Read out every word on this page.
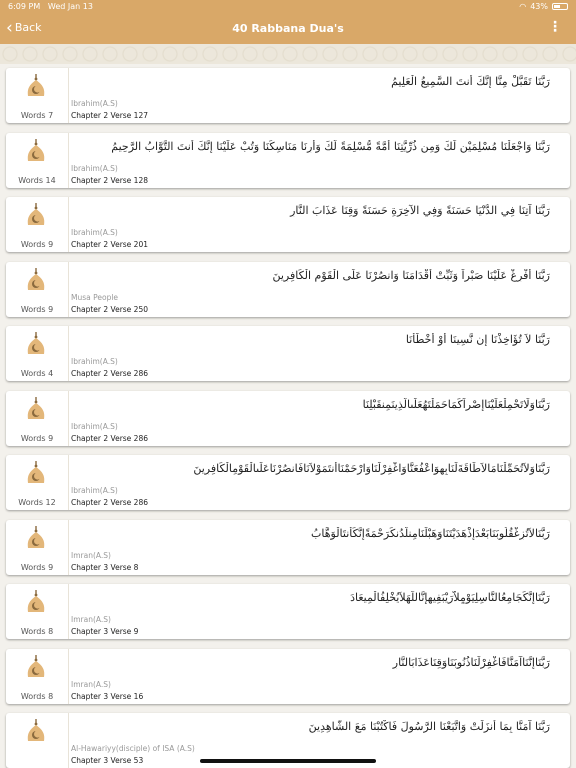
6:09 PM Wed Jan 13	◠ 43%
‹ Back	40 Rabbana Dua's	⋮
Words 7
رَبَّنَا تَقَبَّلْ مِنَّا إِنَّكَ أَنتَ السَّمِيعُ الْعَلِيمُ
Ibrahim(A.S)
Chapter 2 Verse 127
Words 14
رَبَّنَا وَاجْعَلْنَا مُسْلِمَيْنِ لَكَ وَمِن ذُرِّيَّتِنَا أُمَّةً مُّسْلِمَةً لَّكَ وَأَرِنَا مَنَاسِكَنَا وَتُبْ عَلَيْنَا إِنَّكَ أَنتَ التَّوَّابُ الرَّحِيمُ
Ibrahim(A.S)
Chapter 2 Verse 128
Words 9
رَبَّنَا آتِنَا فِي الدُّنْيَا حَسَنَةً وَفِي الآخِرَةِ حَسَنَةً وَقِنَا عَذَابَ النَّارِ
Ibrahim(A.S)
Chapter 2 Verse 201
Words 9
رَبَّنَا أَفْرِغْ عَلَيْنَا صَبْراً وَثَبِّتْ أَقْدَامَنَا وَانصُرْنَا عَلَى الْقَوْمِ الْكَافِرِينَ
Musa People
Chapter 2 Verse 250
Words 4
رَبَّنَا لاَ تُؤَاخِذْنَا إِن نَّسِينَا أَوْ أَخْطَأْنَا
Ibrahim(A.S)
Chapter 2 Verse 286
Words 9
رَبَّنَاوَلَاتَحْمِلْعَلَيْنَاإِصْراًكَمَاحَمَلْتَهُعَلَىالَّذِينَمِنقَبْلِنَا
Ibrahim(A.S)
Chapter 2 Verse 286
Words 12
رَبَّنَاوَلاَتُحَمِّلْنَامَالاَطَاقَةَلَنَابِهِوَاعْفُعَنَّاوَاغْفِرْلَنَاوَارْحَمْنَاأَنتَمَوْلاَنَافَانصُرْنَاعَلَىالْقَوْمِالْكَافِرِينَ
Ibrahim(A.S)
Chapter 2 Verse 286
Words 9
رَبَّنَالاَتُزِغْقُلُوبَنَابَعْدَإِذْهَدَيْتَنَاوَهَبْلَنَامِنلَّدُنكَرَحْمَةًإِنَّكَأَنتَالْوَهَّابُ
Imran(A.S)
Chapter 3 Verse 8
Words 8
رَبَّنَاإِنَّكَجَامِعُالنَّاسِلِيَوْمٍلاَّرَيْبَفِيهِإِنَّاللّهَلاَيُخْلِفُالْمِيعَادَ
Imran(A.S)
Chapter 3 Verse 9
Words 8
رَبَّنَاإِنَّنَاآمَنَّافَاغْفِرْلَنَاذُنُوبَنَاوَقِنَاعَذَابَالنَّارِ
Imran(A.S)
Chapter 3 Verse 16
رَبَّنَا آمَنَّا بِمَا أَنزَلَتْ وَاتَّبَعْنَا الرَّسُولَ فَاكْتُبْنَا مَعَ الشَّاهِدِينَ
Al-Hawariyy(disciple) of ISA (A.S)
Chapter 3 Verse 53
